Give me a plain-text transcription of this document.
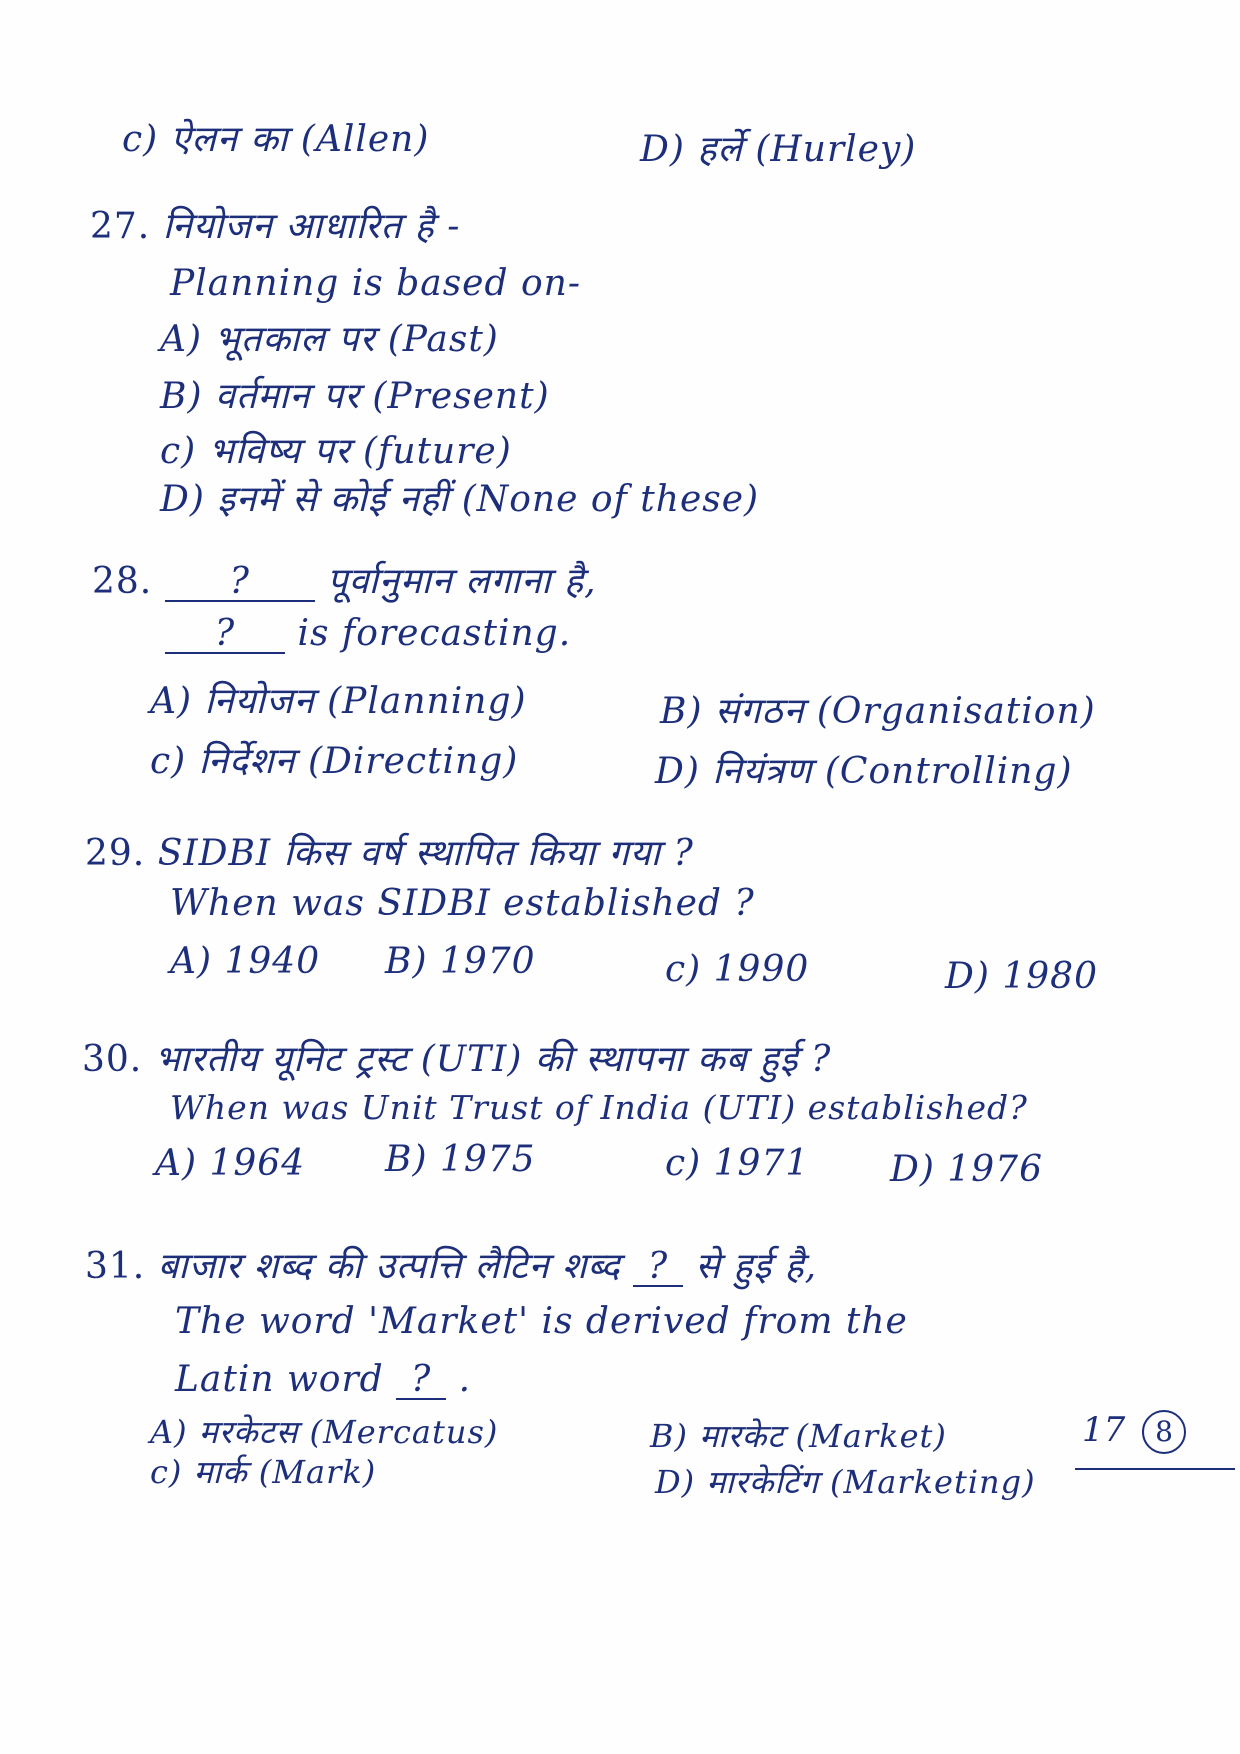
c) ऐलन का (Allen)	D) हर्ले (Hurley)
27. नियोजन आधारित है -
Planning is based on-
A) भूतकाल पर (Past)
B) वर्तमान पर (Present)
c) भविष्य पर (future)
D) इनमें से कोई नहीं (None of these)
28. ? पूर्वानुमान लगाना है,
? is forecasting.
A) नियोजन (Planning)	B) संगठन (Organisation)
c) निर्देशन (Directing)	D) नियंत्रण (Controlling)
29. SIDBI किस वर्ष स्थापित किया गया ?
When was SIDBI established ?
A) 1940 B) 1970	c) 1990	D) 1980
30. भारतीय यूनिट ट्रस्ट (UTI) की स्थापना कब हुई ?
When was Unit Trust of India (UTI) established?
A) 1964 B) 1975	c) 1971 D) 1976
31. बाजार शब्द की उत्पत्ति लैटिन शब्द ? से हुई है,
The word 'Market' is derived from the
Latin word ? .
A) मरकेटस (Mercatus)	B) मारकेट (Market)
c) मार्क (Mark)	D) मारकेटिंग (Marketing)
17 8
